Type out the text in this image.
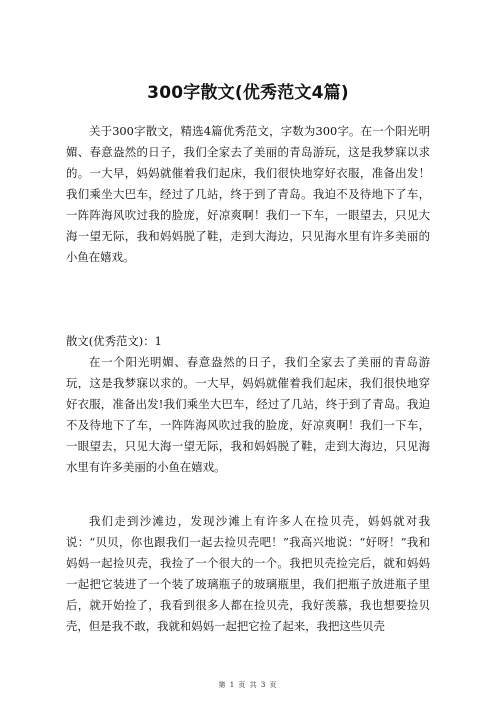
300字散文(优秀范文4篇)
关于300字散文，精选4篇优秀范文，字数为300字。在一个阳光明媚、春意盎然的日子，我们全家去了美丽的青岛游玩，这是我梦寐以求的。一大早，妈妈就催着我们起床，我们很快地穿好衣服，准备出发！我们乘坐大巴车，经过了几站，终于到了青岛。我迫不及待地下了车，一阵阵海风吹过我的脸庞，好凉爽啊！我们一下车，一眼望去，只见大海一望无际，我和妈妈脱了鞋，走到大海边，只见海水里有许多美丽的小鱼在嬉戏。
散文(优秀范文)：1
在一个阳光明媚、春意盎然的日子，我们全家去了美丽的青岛游玩，这是我梦寐以求的。一大早，妈妈就催着我们起床，我们很快地穿好衣服，准备出发!我们乘坐大巴车，经过了几站，终于到了青岛。我迫不及待地下了车，一阵阵海风吹过我的脸庞，好凉爽啊！我们一下车，一眼望去，只见大海一望无际，我和妈妈脱了鞋，走到大海边，只见海水里有许多美丽的小鱼在嬉戏。
我们走到沙滩边，发现沙滩上有许多人在捡贝壳，妈妈就对我说：“贝贝，你也跟我们一起去捡贝壳吧！”我高兴地说：“好呀！”我和妈妈一起捡贝壳，我捡了一个很大的一个。我把贝壳捡完后，就和妈妈一起把它装进了一个装了玻璃瓶子的玻璃瓶里，我们把瓶子放进瓶子里后，就开始捡了，我看到很多人都在捡贝壳，我好羡慕，我也想要捡贝壳，但是我不敢，我就和妈妈一起把它捡了起来，我把这些贝壳
第 1 页 共 3 页
